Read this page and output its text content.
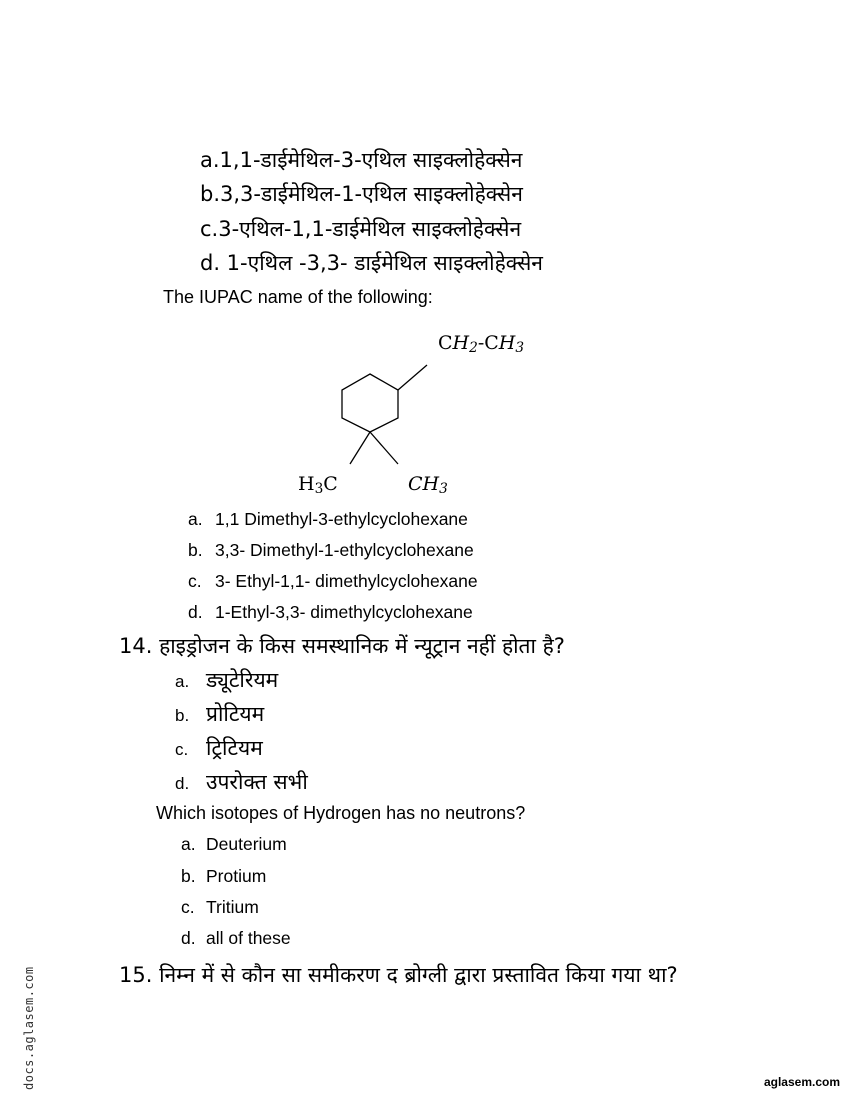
a.1,1-डाईमेथिल-3-एथिल साइक्लोहेक्सेन
b.3,3-डाईमेथिल-1-एथिल साइक्लोहेक्सेन
c.3-एथिल-1,1-डाईमेथिल साइक्लोहेक्सेन
d. 1-एथिल -3,3- डाईमेथिल साइक्लोहेक्सेन
The IUPAC name of the following:
$CH_2-CH_3$
$H_3C$	$CH_3$
a. 1,1 Dimethyl-3-ethylcyclohexane
b. 3,3- Dimethyl-1-ethylcyclohexane
c. 3- Ethyl-1,1- dimethylcyclohexane
d. 1-Ethyl-3,3- dimethylcyclohexane
14. हाइड्रोजन के किस समस्थानिक में न्यूट्रान नहीं होता है?
a. ड्यूटेरियम
b. प्रोटियम
c. ट्रिटियम
d. उपरोक्त सभी
Which isotopes of Hydrogen has no neutrons?
a. Deuterium
b. Protium
c. Tritium
d. all of these
15. निम्न में से कौन सा समीकरण द ब्रोग्ली द्वारा प्रस्तावित किया गया था?
docs.aglasem.com	aglasem.com
